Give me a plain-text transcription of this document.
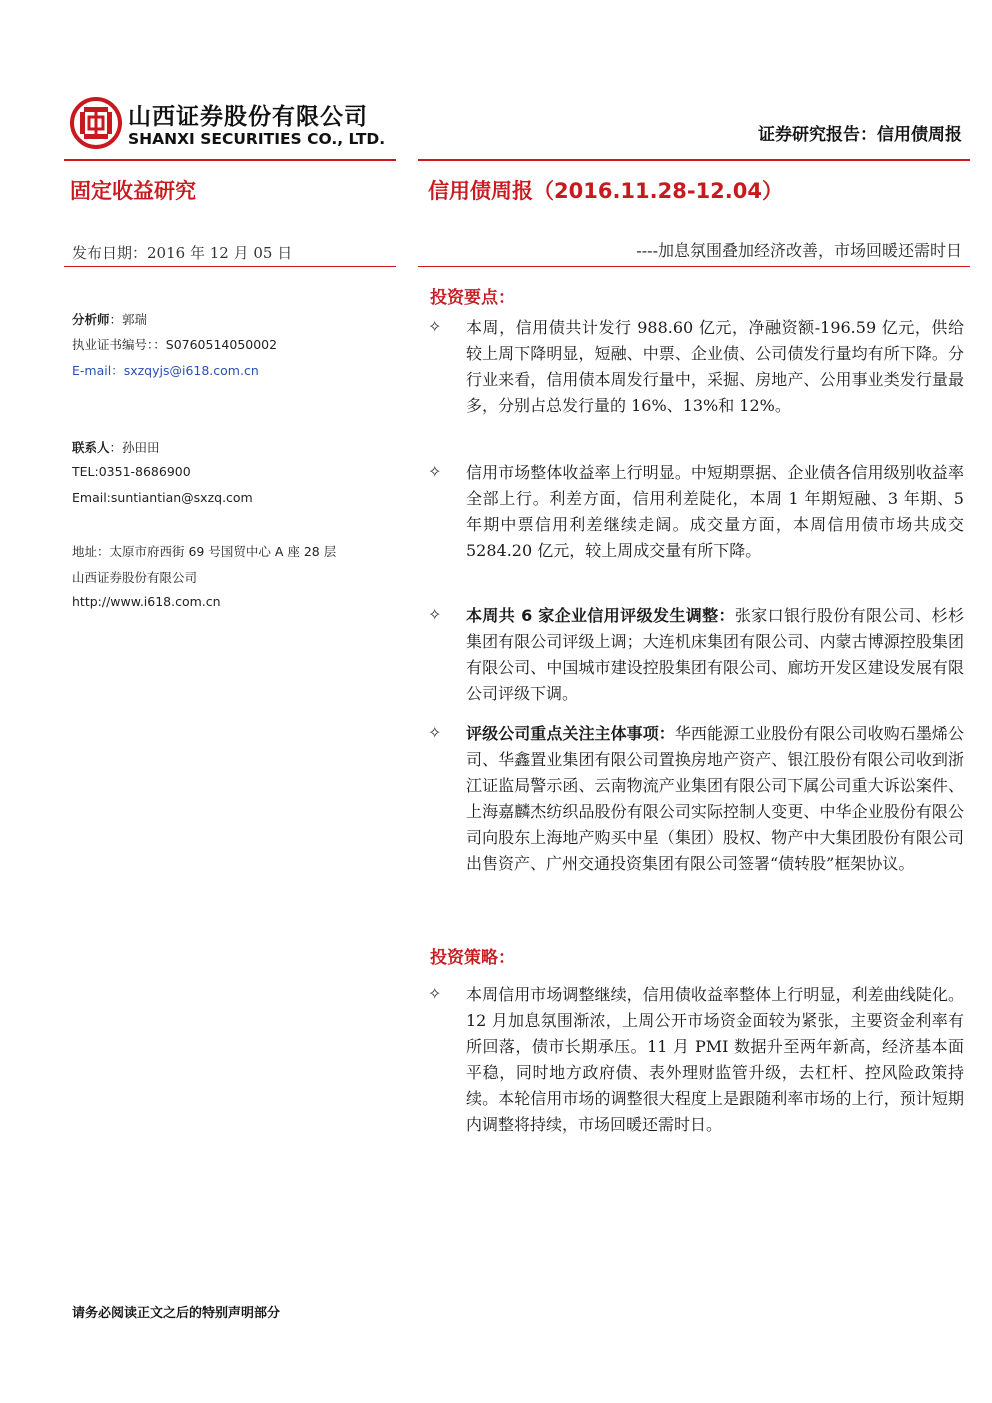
山西证券股份有限公司
SHANXI SECURITIES CO., LTD.	证券研究报告：信用债周报
固定收益研究	信用债周报（2016.11.28-12.04）
发布日期：2016 年 12 月 05 日	----加息氛围叠加经济改善，市场回暖还需时日
分析师：郭瑞
执业证书编号：：S0760514050002
E-mail：sxzqyjs@i618.com.cn
联系人：孙田田
TEL:0351-8686900
Email:suntiantian@sxzq.com
地址：太原市府西街 69 号国贸中心 A 座 28 层
山西证券股份有限公司
http://www.i618.com.cn
投资要点：
✧ 本周，信用债共计发行 988.60 亿元，净融资额-196.59 亿元，供给较上周下降明显，短融、中票、企业债、公司债发行量均有所下降。分行业来看，信用债本周发行量中，采掘、房地产、公用事业类发行量最多，分别占总发行量的 16%、13%和 12%。
✧ 信用市场整体收益率上行明显。中短期票据、企业债各信用级别收益率全部上行。利差方面，信用利差陡化，本周 1 年期短融、3 年期、5 年期中票信用利差继续走阔。成交量方面，本周信用债市场共成交 5284.20 亿元，较上周成交量有所下降。
✧ 本周共 6 家企业信用评级发生调整：张家口银行股份有限公司、杉杉集团有限公司评级上调；大连机床集团有限公司、内蒙古博源控股集团有限公司、中国城市建设控股集团有限公司、廊坊开发区建设发展有限公司评级下调。
✧ 评级公司重点关注主体事项：华西能源工业股份有限公司收购石墨烯公司、华鑫置业集团有限公司置换房地产资产、银江股份有限公司收到浙江证监局警示函、云南物流产业集团有限公司下属公司重大诉讼案件、上海嘉麟杰纺织品股份有限公司实际控制人变更、中华企业股份有限公司向股东上海地产购买中星（集团）股权、物产中大集团股份有限公司出售资产、广州交通投资集团有限公司签署“债转股”框架协议。
投资策略：
✧ 本周信用市场调整继续，信用债收益率整体上行明显，利差曲线陡化。12 月加息氛围渐浓，上周公开市场资金面较为紧张，主要资金利率有所回落，债市长期承压。11 月 PMI 数据升至两年新高，经济基本面平稳，同时地方政府债、表外理财监管升级，去杠杆、控风险政策持续。本轮信用市场的调整很大程度上是跟随利率市场的上行，预计短期内调整将持续，市场回暖还需时日。
请务必阅读正文之后的特别声明部分
